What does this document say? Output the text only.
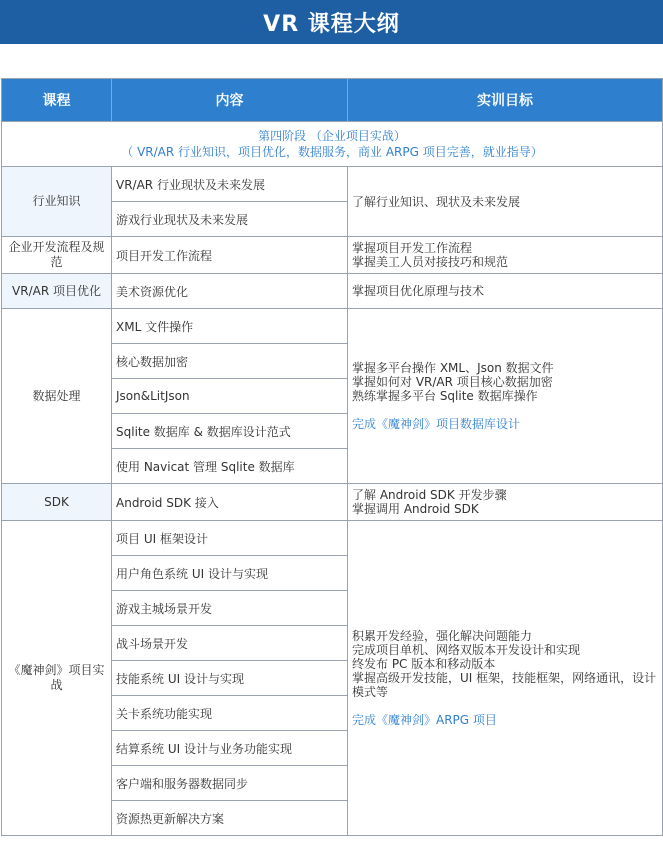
VR 课程大纲
课程	内容	实训目标

第四阶段 （企业项目实战）
（ VR/AR 行业知识，项目优化，数据服务，商业 ARPG 项目完善，就业指导）		

行业知识	VR/AR 行业现状及未来发展	了解行业知识、现状及未来发展

	游戏行业现状及未来发展	
企业开发流程及规范	项目开发工作流程	掌握项目开发工作流程
掌握美工人员对接技巧和规范

VR/AR 项目优化	美术资源优化	掌握项目优化原理与技术

数据处理	XML 文件操作	掌握多平台操作 XML、Json 数据文件
掌握如何对 VR/AR 项目核心数据加密
熟练掌握多平台 Sqlite 数据库操作
完成《魔神剑》项目数据库设计

	核心数据加密	
	Json&LitJson	
	Sqlite 数据库 & 数据库设计范式	
	使用 Navicat 管理 Sqlite 数据库	
SDK	Android SDK 接入	了解 Android SDK 开发步骤
掌握调用 Android SDK

《魔神剑》项目实战	项目 UI 框架设计	积累开发经验，强化解决问题能力
完成项目单机、网络双版本开发设计和实现
终发布 PC 版本和移动版本
掌握高级开发技能，UI 框架，技能框架，网络通讯，设计模式等
完成《魔神剑》ARPG 项目

	用户角色系统 UI 设计与实现	
	游戏主城场景开发	
	战斗场景开发	
	技能系统 UI 设计与实现	
	关卡系统功能实现	
	结算系统 UI 设计与业务功能实现	
	客户端和服务器数据同步	
	资源热更新解决方案	
